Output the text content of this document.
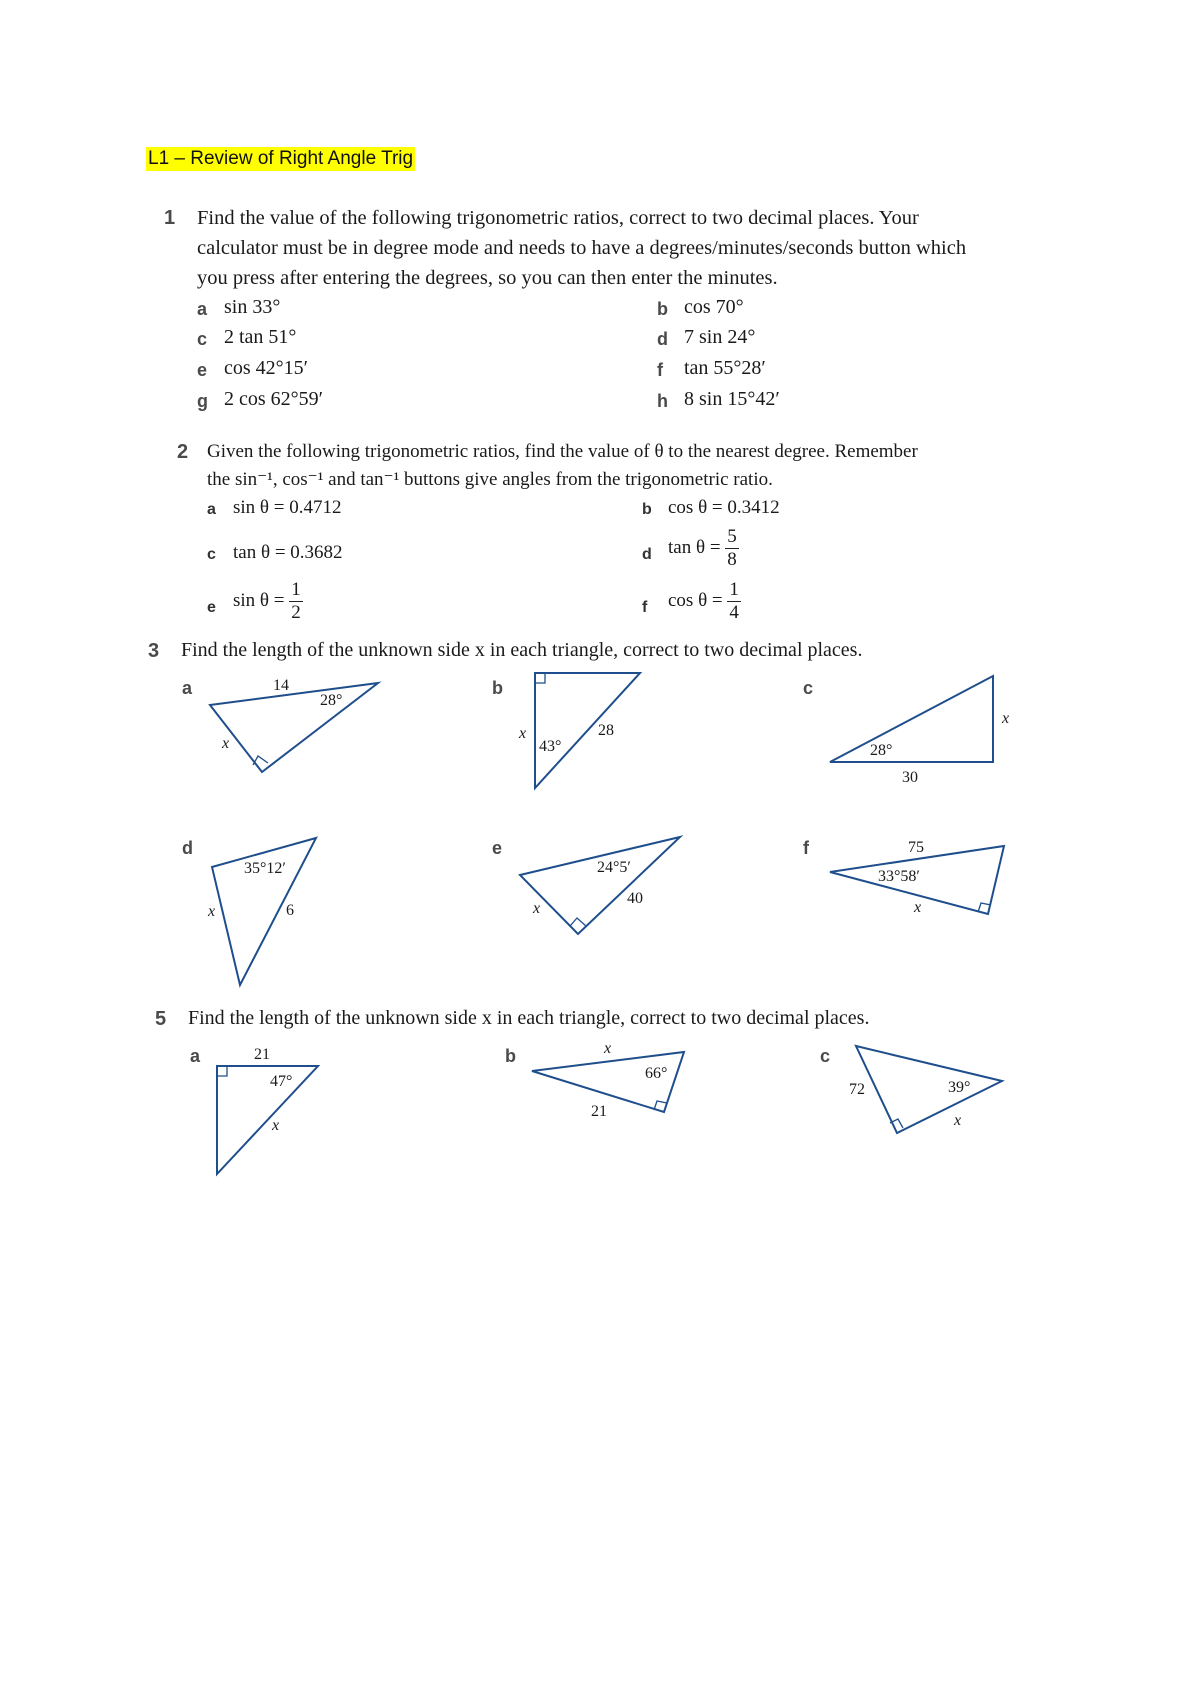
L1 – Review of Right Angle Trig
1 Find the value of the following trigonometric ratios, correct to two decimal places. Your
calculator must be in degree mode and needs to have a degrees/minutes/seconds button which
you press after entering the degrees, so you can then enter the minutes.
a sin 33°	b cos 70°
c 2 tan 51°	d 7 sin 24°
e cos 42°15′	f tan 55°28′
g 2 cos 62°59′	h 8 sin 15°42′
2 Given the following trigonometric ratios, find the value of θ to the nearest degree. Remember
the sin⁻¹, cos⁻¹ and tan⁻¹ buttons give angles from the trigonometric ratio.
a sin θ = 0.4712	b cos θ = 0.3412
c tan θ = 0.3682	d $\tan \theta = \frac{5}{8}$
e $\sin \theta = \frac{1}{2}$	f $\cos \theta = \frac{1}{4}$
3 Find the length of the unknown side x in each triangle, correct to two decimal places.
a	b	c
d	e	f
5 Find the length of the unknown side x in each triangle, correct to two decimal places.
a	b	c
14
28°
x
x
43°
28
28°
30
x
35°12′
x	6
24°5′
40
x
75
33°58′
x
21
47°
x
x
66°
21
72	39°
x
